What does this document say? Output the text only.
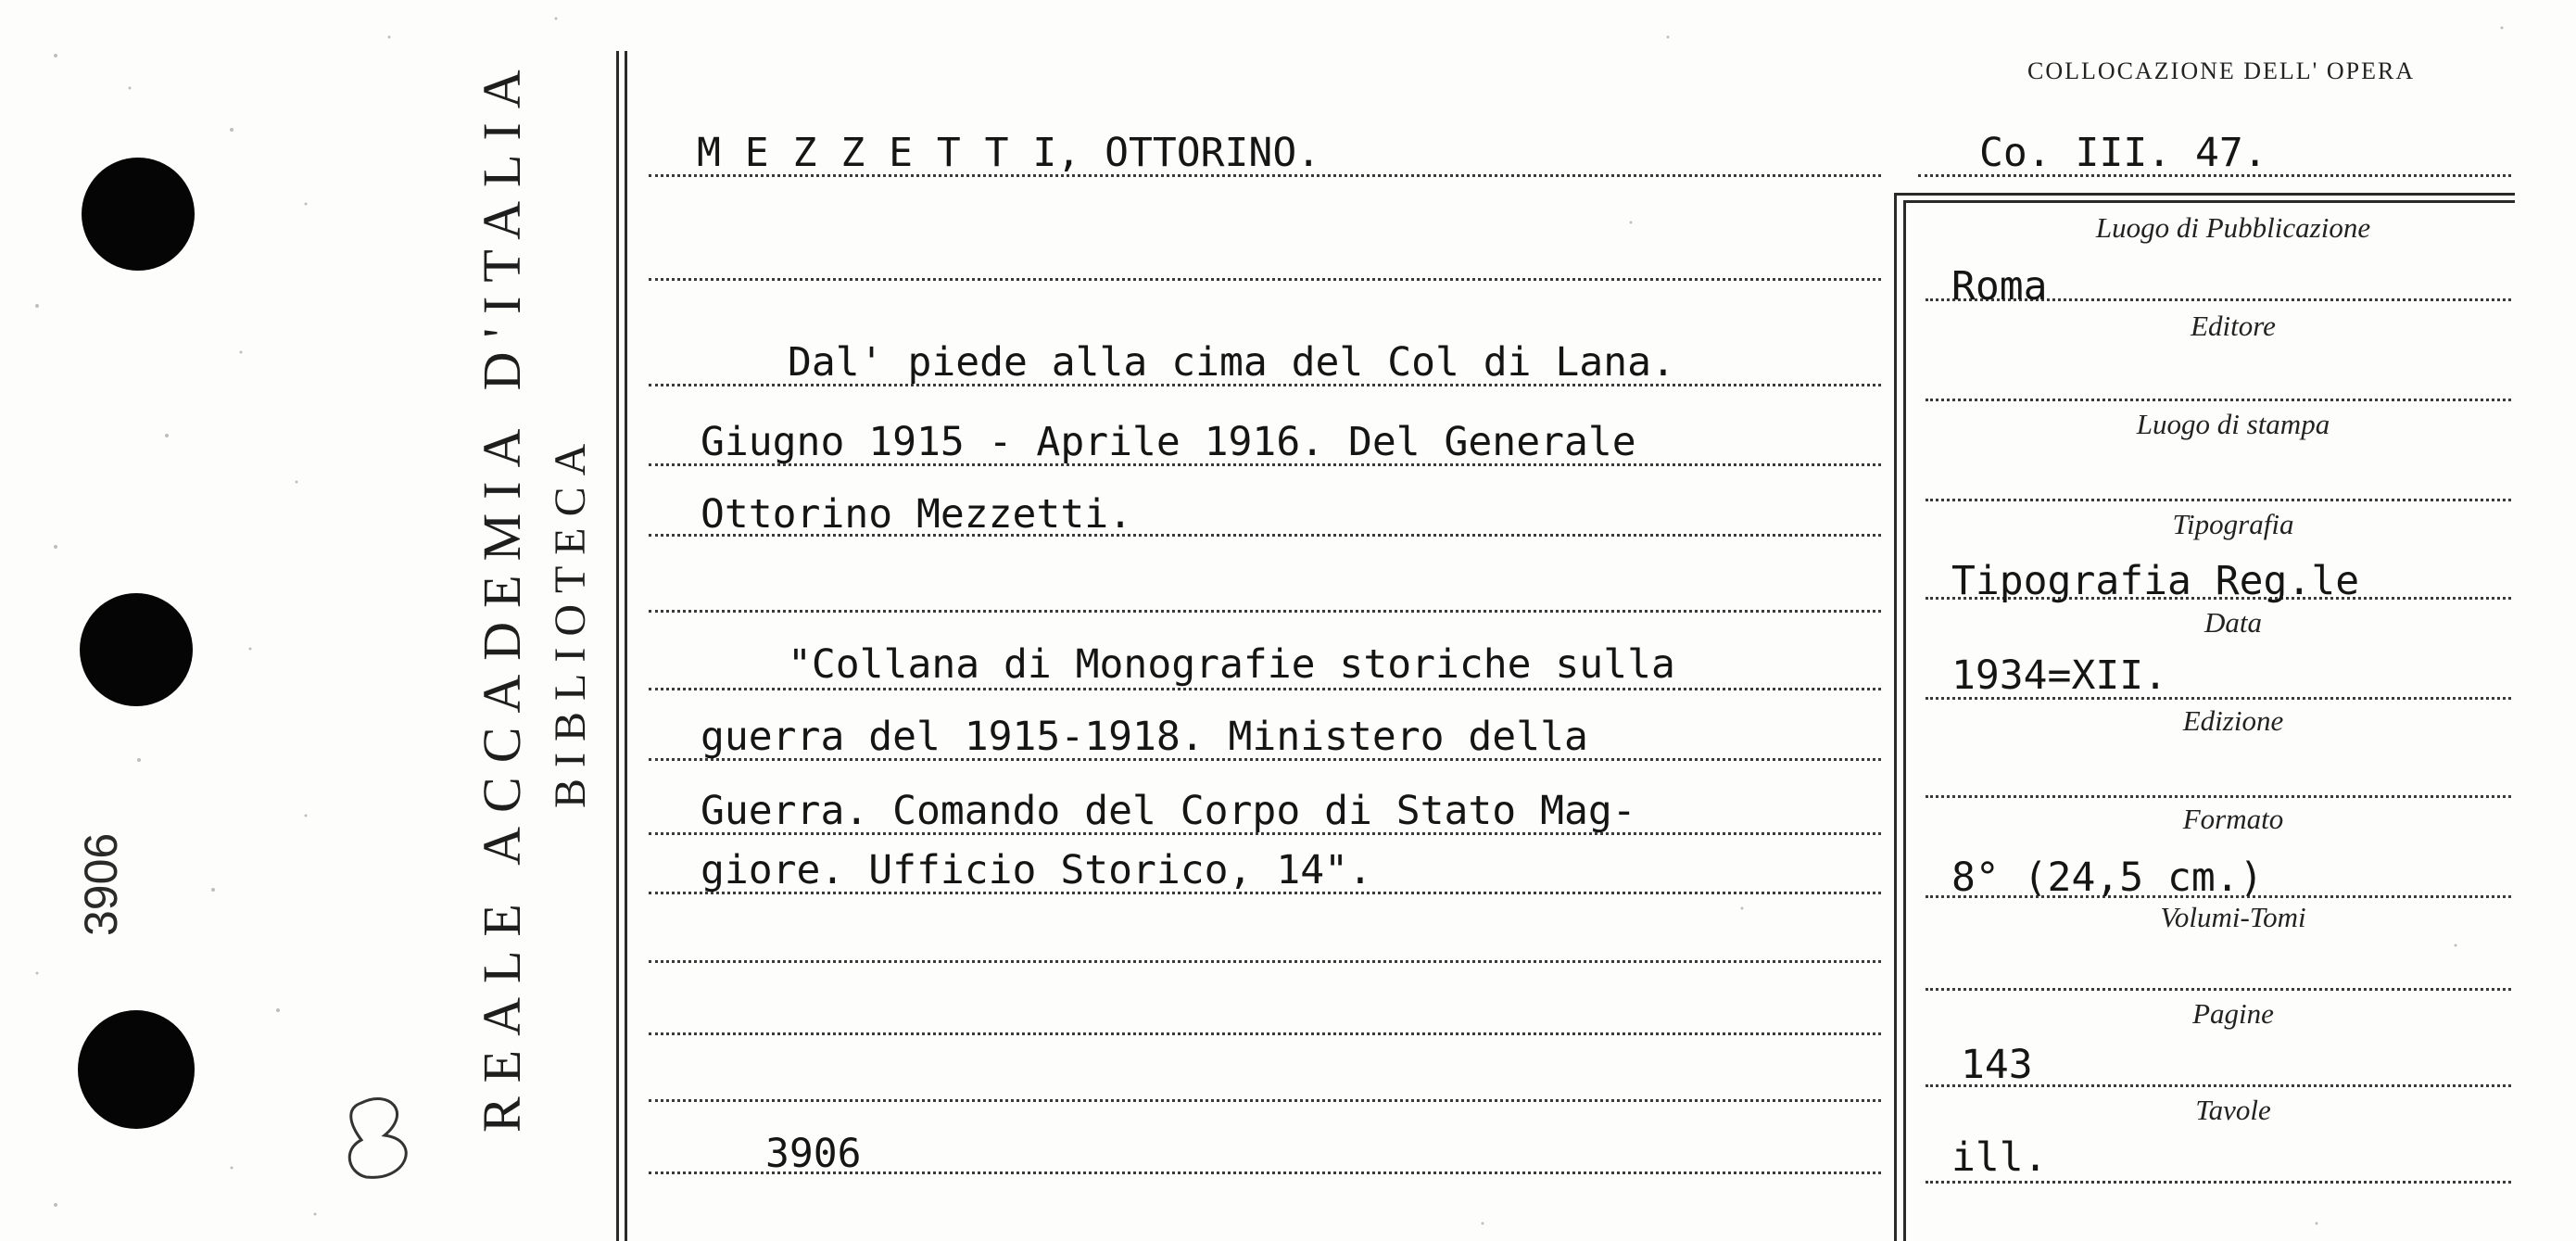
REALE ACCADEMIA D'ITALIA BIBLIOTECA
3906
COLLOCAZIONE DELL' OPERA
M E Z Z E T T I, OTTORINO.	Co. III. 47.
Dal' piede alla cima del Col di Lana.
Giugno 1915 - Aprile 1916. Del Generale
Ottorino Mezzetti.
"Collana di Monografie storiche sulla
guerra del 1915-1918. Ministero della
Guerra. Comando del Corpo di Stato Mag-
giore. Ufficio Storico, 14".
3906
Luogo di Pubblicazione
Editore
Luogo di stampa
Tipografia
Data
Edizione
Formato
Volumi-Tomi
Pagine
Tavole
Roma
Tipografia Reg.le
1934=XII.
8° (24,5 cm.)
143
ill.
